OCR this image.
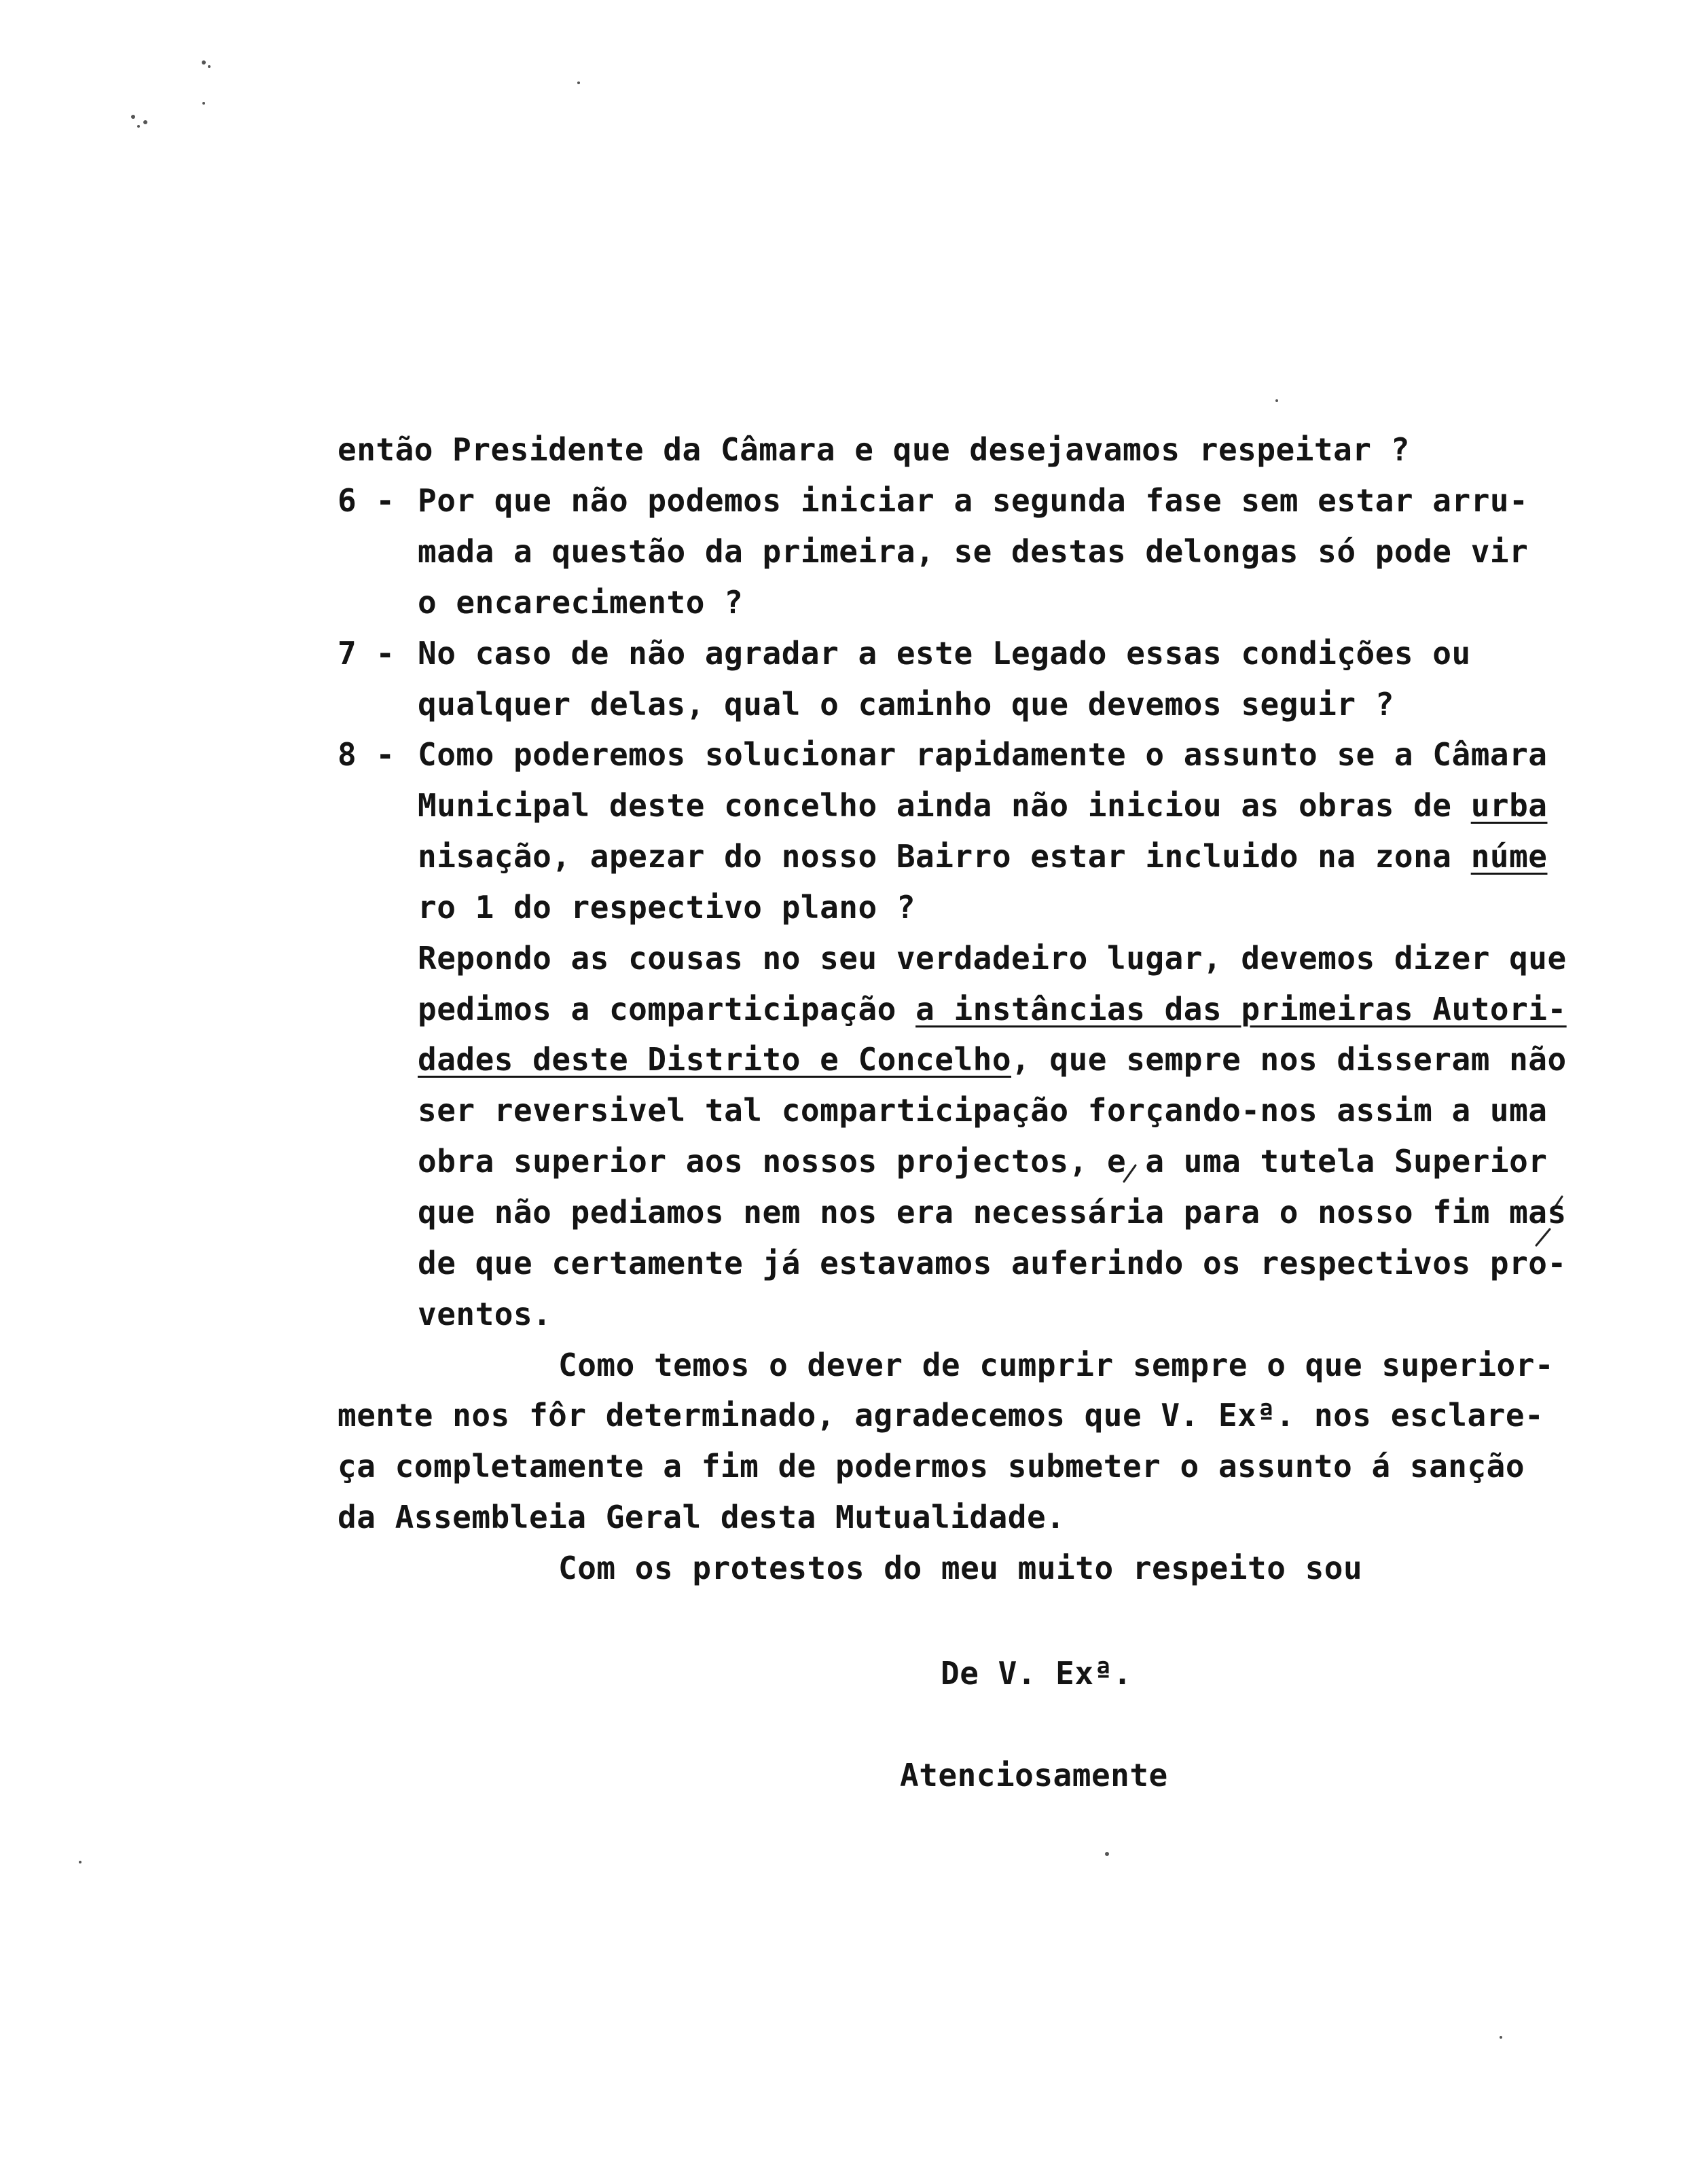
então Presidente da Câmara e que desejavamos respeitar ?
6 - Por que não podemos iniciar a segunda fase sem estar arru-
mada a questão da primeira, se destas delongas só pode vir
o encarecimento ?
7 - No caso de não agradar a este Legado essas condições ou
qualquer delas, qual o caminho que devemos seguir ?
8 - Como poderemos solucionar rapidamente o assunto se a Câmara
Municipal deste concelho ainda não iniciou as obras de urba
nisação, apezar do nosso Bairro estar incluido na zona núme
ro 1 do respectivo plano ?
Repondo as cousas no seu verdadeiro lugar, devemos dizer que
pedimos a comparticipação a instâncias das primeiras Autori-
dades deste Distrito e Concelho, que sempre nos disseram não
ser reversivel tal comparticipação forçando-nos assim a uma
obra superior aos nossos projectos, e a uma tutela Superior
que não pediamos nem nos era necessária para o nosso fim mas
de que certamente já estavamos auferindo os respectivos pro-
ventos.
Como temos o dever de cumprir sempre o que superior-
mente nos fôr determinado, agradecemos que V. Exª. nos esclare-
ça completamente a fim de podermos submeter o assunto á sanção
da Assembleia Geral desta Mutualidade.
Com os protestos do meu muito respeito sou
De V. Exª.
Atenciosamente
